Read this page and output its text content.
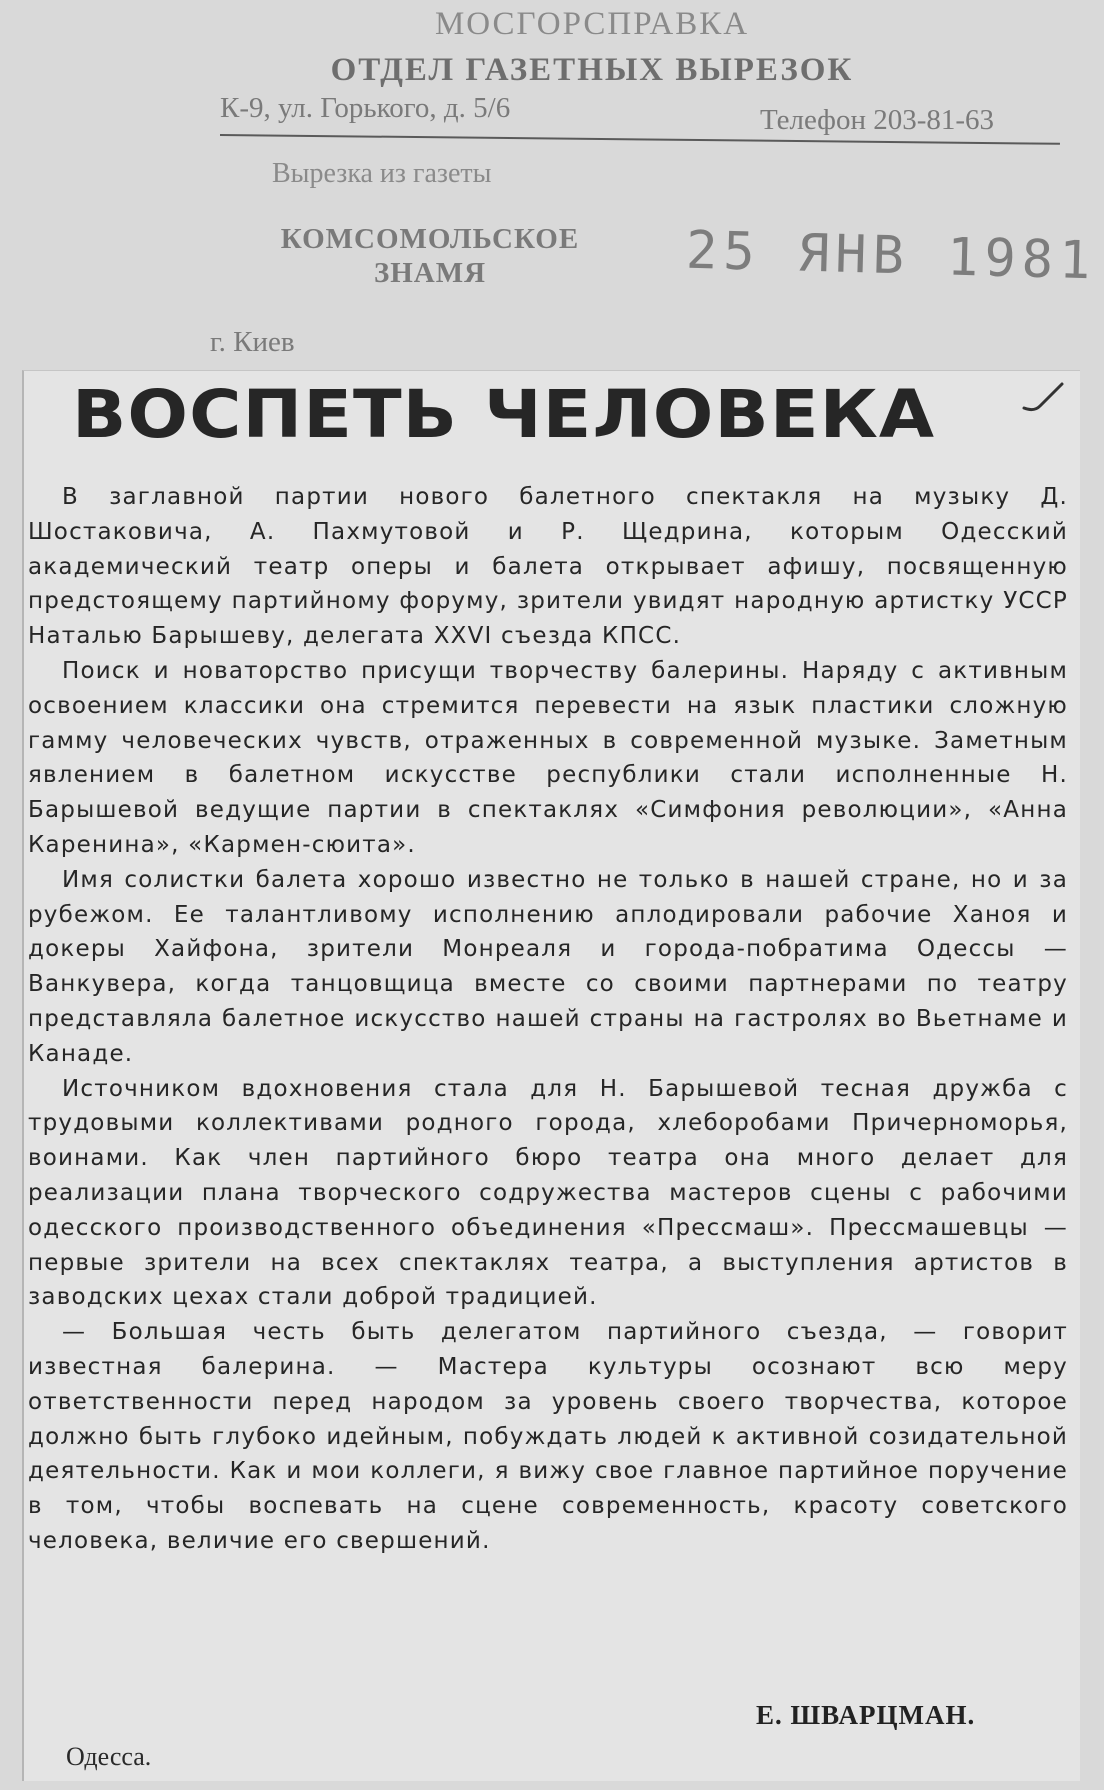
МОСГОРСПРАВКА
ОТДЕЛ ГАЗЕТНЫХ ВЫРЕЗОК
К-9, ул. Горького, д. 5/6	Телефон 203-81-63
Вырезка из газеты
КОМСОМОЛЬСКОЕ
ЗНАМЯ	25 ЯНВ 1981
г. Киев
ВОСПЕТЬ ЧЕЛОВЕКА

В заглавной партии нового балетного спектакля на музыку Д. Шостаковича, А. Пахмутовой и Р. Щедрина, которым Одесский академический театр оперы и балета открывает афишу, посвященную предстоящему партийному форуму, зрители увидят народную артистку УССР Наталью Барышеву, делегата XXVI съезда КПСС.

Поиск и новаторство присущи творчеству балерины. Наряду с активным освоением классики она стремится перевести на язык пластики сложную гамму человеческих чувств, отраженных в современной музыке. Заметным явлением в балетном искусстве республики стали исполненные Н. Барышевой ведущие партии в спектаклях «Симфония революции», «Анна Каренина», «Кармен-сюита».

Имя солистки балета хорошо известно не только в нашей стране, но и за рубежом. Ее талантливому исполнению аплодировали рабочие Ханоя и докеры Хайфона, зрители Монреаля и города-побратима Одессы — Ванкувера, когда танцовщица вместе со своими партнерами по театру представляла балетное искусство нашей страны на гастролях во Вьетнаме и Канаде.

Источником вдохновения стала для Н. Барышевой тесная дружба с трудовыми коллективами родного города, хлеборобами Причерноморья, воинами. Как член партийного бюро театра она много делает для реализации плана творческого содружества мастеров сцены с рабочими одесского производственного объединения «Прессмаш». Прессмашевцы — первые зрители на всех спектаклях театра, а выступления артистов в заводских цехах стали доброй традицией.

— Большая честь быть делегатом партийного съезда, — говорит известная балерина. — Мастера культуры осознают всю меру ответственности перед народом за уровень своего творчества, которое должно быть глубоко идейным, побуждать людей к активной созидательной деятельности. Как и мои коллеги, я вижу свое главное партийное поручение в том, чтобы воспевать на сцене современность, красоту советского человека, величие его свершений.

Е. ШВАРЦМАН.
Одесса.
